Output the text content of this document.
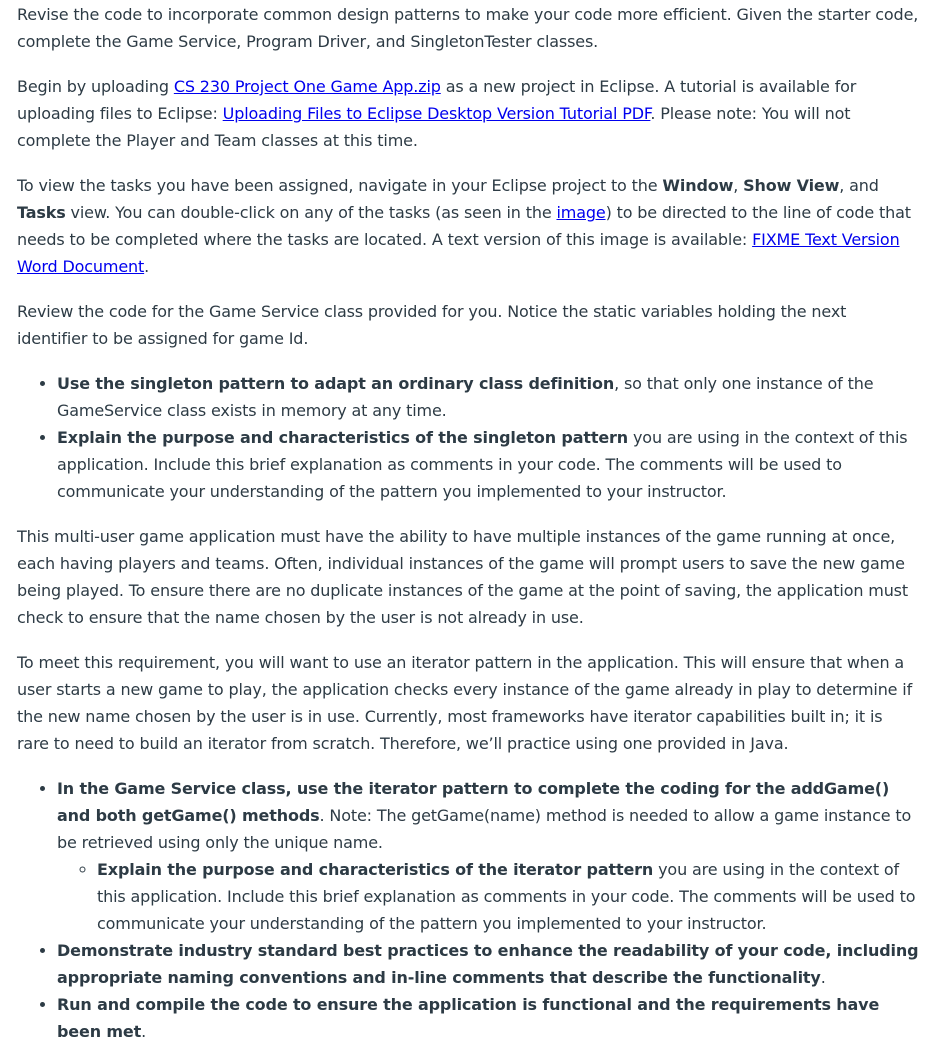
Revise the code to incorporate common design patterns to make your code more efficient. Given the starter code, complete the Game Service, Program Driver, and SingletonTester classes.

Begin by uploading CS 230 Project One Game App.zip as a new project in Eclipse. A tutorial is available for uploading files to Eclipse: Uploading Files to Eclipse Desktop Version Tutorial PDF. Please note: You will not complete the Player and Team classes at this time.

To view the tasks you have been assigned, navigate in your Eclipse project to the Window, Show View, and Tasks view. You can double-click on any of the tasks (as seen in the image) to be directed to the line of code that needs to be completed where the tasks are located. A text version of this image is available: FIXME Text Version Word Document.

Review the code for the Game Service class provided for you. Notice the static variables holding the next identifier to be assigned for game Id.

• Use the singleton pattern to adapt an ordinary class definition, so that only one instance of the GameService class exists in memory at any time.
• Explain the purpose and characteristics of the singleton pattern you are using in the context of this application. Include this brief explanation as comments in your code. The comments will be used to communicate your understanding of the pattern you implemented to your instructor.

This multi-user game application must have the ability to have multiple instances of the game running at once, each having players and teams. Often, individual instances of the game will prompt users to save the new game being played. To ensure there are no duplicate instances of the game at the point of saving, the application must check to ensure that the name chosen by the user is not already in use.

To meet this requirement, you will want to use an iterator pattern in the application. This will ensure that when a user starts a new game to play, the application checks every instance of the game already in play to determine if the new name chosen by the user is in use. Currently, most frameworks have iterator capabilities built in; it is rare to need to build an iterator from scratch. Therefore, we’ll practice using one provided in Java.

• In the Game Service class, use the iterator pattern to complete the coding for the addGame() and both getGame() methods. Note: The getGame(name) method is needed to allow a game instance to be retrieved using only the unique name.
◦ Explain the purpose and characteristics of the iterator pattern you are using in the context of this application. Include this brief explanation as comments in your code. The comments will be used to communicate your understanding of the pattern you implemented to your instructor.
• Demonstrate industry standard best practices to enhance the readability of your code, including appropriate naming conventions and in-line comments that describe the functionality.
• Run and compile the code to ensure the application is functional and the requirements have been met.
